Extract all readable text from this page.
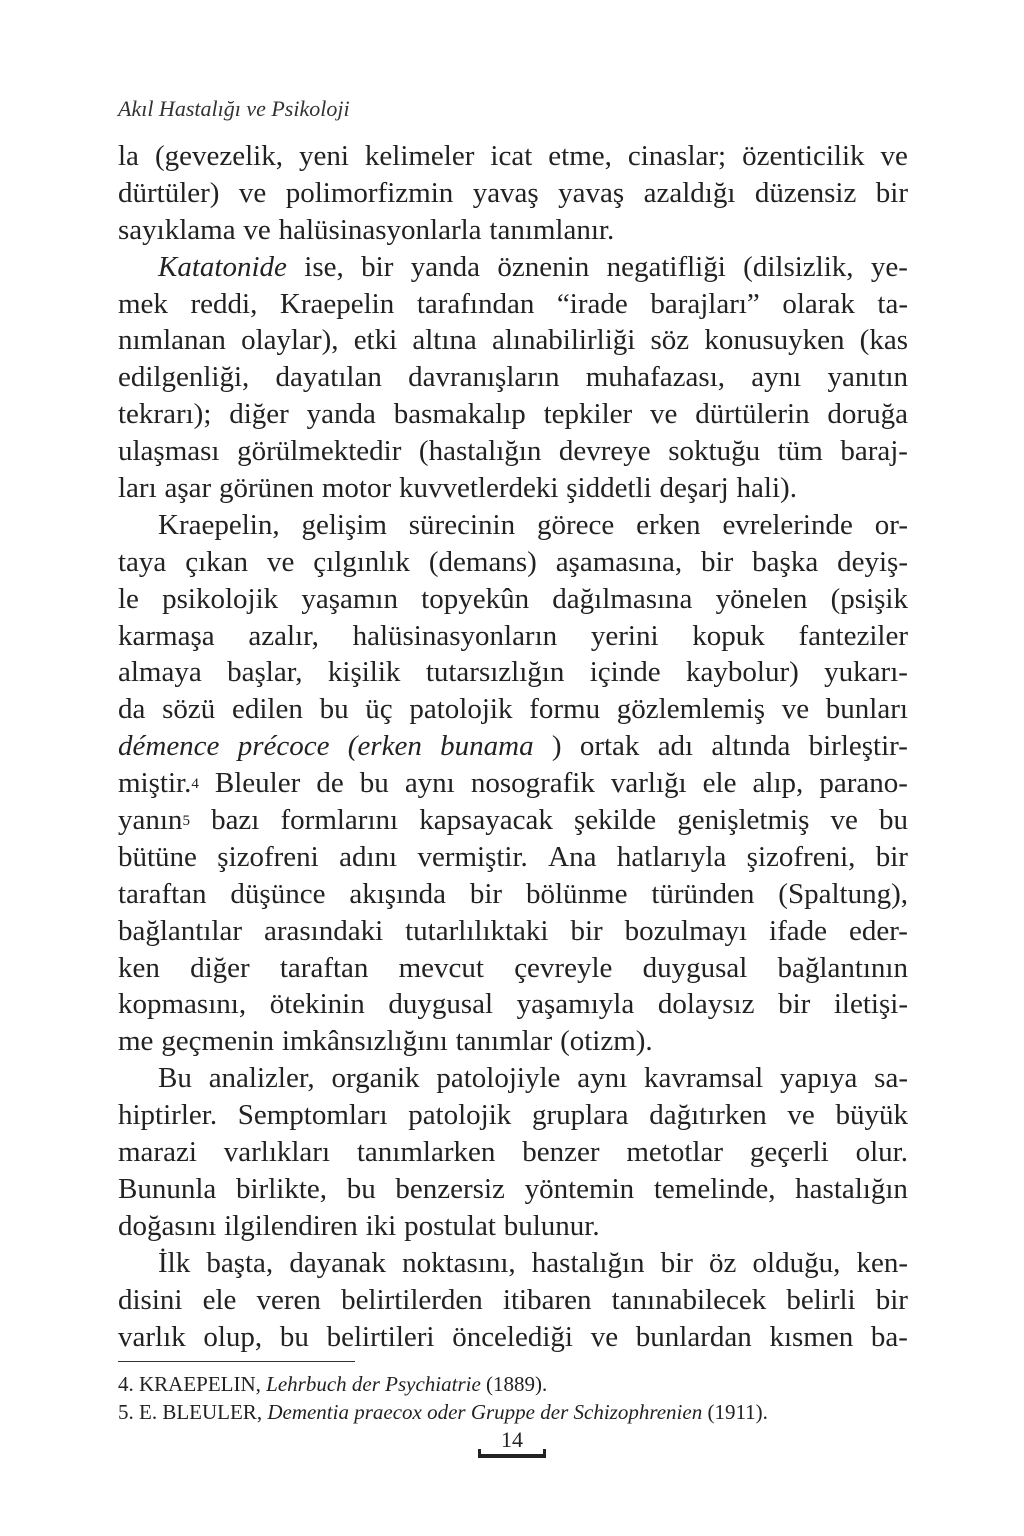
Akıl Hastalığı ve Psikoloji
la (gevezelik, yeni kelimeler icat etme, cinaslar; özenticilik ve
dürtüler) ve polimorfizmin yavaş yavaş azaldığı düzensiz bir
sayıklama ve halüsinasyonlarla tanımlanır.
Katatonide ise, bir yanda öznenin negatifliği (dilsizlik, ye-
mek reddi, Kraepelin tarafından “irade barajları” olarak ta-
nımlanan olaylar), etki altına alınabilirliği söz konusuyken (kas
edilgenliği, dayatılan davranışların muhafazası, aynı yanıtın
tekrarı); diğer yanda basmakalıp tepkiler ve dürtülerin doruğa
ulaşması görülmektedir (hastalığın devreye soktuğu tüm baraj-
ları aşar görünen motor kuvvetlerdeki şiddetli deşarj hali).
Kraepelin, gelişim sürecinin görece erken evrelerinde or-
taya çıkan ve çılgınlık (demans) aşamasına, bir başka deyiş-
le psikolojik yaşamın topyekûn dağılmasına yönelen (psişik
karmaşa azalır, halüsinasyonların yerini kopuk fanteziler
almaya başlar, kişilik tutarsızlığın içinde kaybolur) yukarı-
da sözü edilen bu üç patolojik formu gözlemlemiş ve bunları
démence précoce (erken bunama ) ortak adı altında birleştir-
miştir.$^4$ Bleuler de bu aynı nosografik varlığı ele alıp, parano-
yanın$^5$ bazı formlarını kapsayacak şekilde genişletmiş ve bu
bütüne şizofreni adını vermiştir. Ana hatlarıyla şizofreni, bir
taraftan düşünce akışında bir bölünme türünden (Spaltung),
bağlantılar arasındaki tutarlılıktaki bir bozulmayı ifade eder-
ken diğer taraftan mevcut çevreyle duygusal bağlantının
kopmasını, ötekinin duygusal yaşamıyla dolaysız bir iletişi-
me geçmenin imkânsızlığını tanımlar (otizm).
Bu analizler, organik patolojiyle aynı kavramsal yapıya sa-
hiptirler. Semptomları patolojik gruplara dağıtırken ve büyük
marazi varlıkları tanımlarken benzer metotlar geçerli olur.
Bununla birlikte, bu benzersiz yöntemin temelinde, hastalığın
doğasını ilgilendiren iki postulat bulunur.
İlk başta, dayanak noktasını, hastalığın bir öz olduğu, ken-
disini ele veren belirtilerden itibaren tanınabilecek belirli bir
varlık olup, bu belirtileri öncelediği ve bunlardan kısmen ba-
4. KRAEPELIN, Lehrbuch der Psychiatrie (1889).
5. E. BLEULER, Dementia praecox oder Gruppe der Schizophrenien (1911).
14
